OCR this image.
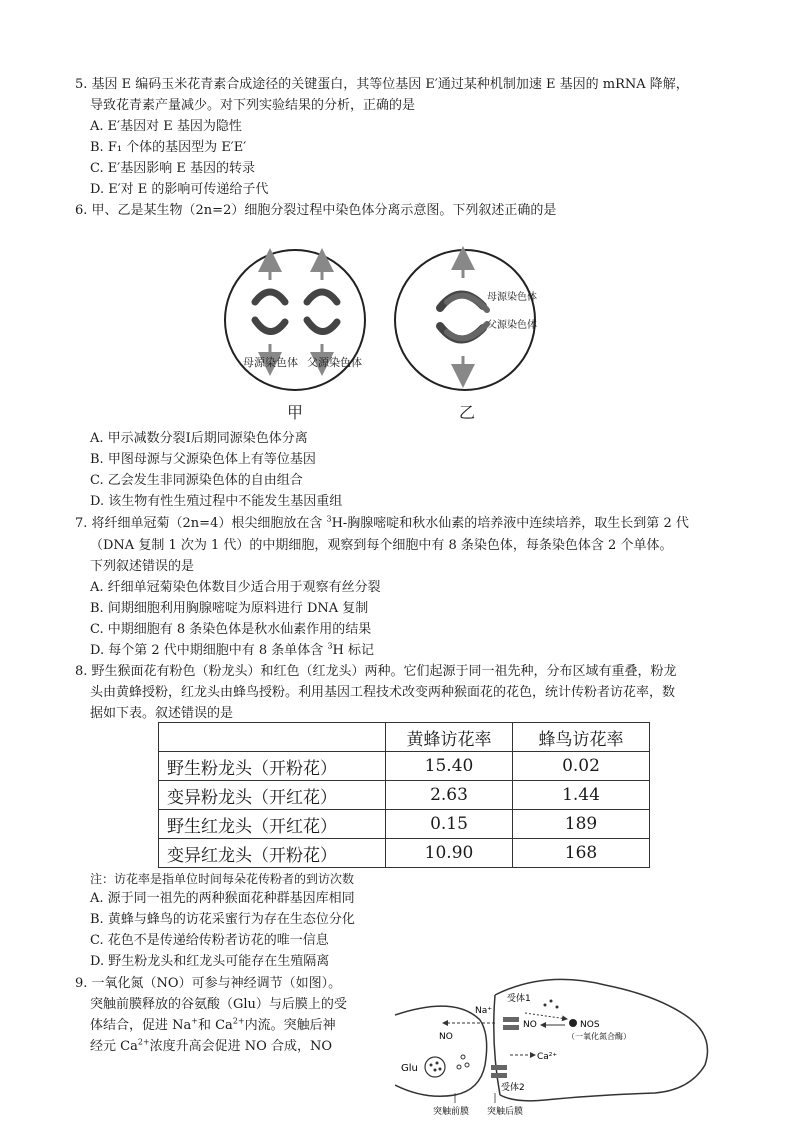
5. 基因 E 编码玉米花青素合成途径的关键蛋白，其等位基因 E′通过某种机制加速 E 基因的 mRNA 降解，
导致花青素产量减少。对下列实验结果的分析，正确的是
A. E′基因对 E 基因为隐性
B. F₁ 个体的基因型为 E′E′
C. E′基因影响 E 基因的转录
D. E′对 E 的影响可传递给子代
6. 甲、乙是某生物（2n=2）细胞分裂过程中染色体分离示意图。下列叙述正确的是
母源染色体 父源染色体
甲
母源染色体
父源染色体
乙
A. 甲示减数分裂Ⅰ后期同源染色体分离
B. 甲图母源与父源染色体上有等位基因
C. 乙会发生非同源染色体的自由组合
D. 该生物有性生殖过程中不能发生基因重组
7. 将纤细单冠菊（2n=4）根尖细胞放在含 $^3$H-胸腺嘧啶和秋水仙素的培养液中连续培养，取生长到第 2 代
（DNA 复制 1 次为 1 代）的中期细胞，观察到每个细胞中有 8 条染色体，每条染色体含 2 个单体。
下列叙述错误的是
A. 纤细单冠菊染色体数目少适合用于观察有丝分裂
B. 间期细胞利用胸腺嘧啶为原料进行 DNA 复制
C. 中期细胞有 8 条染色体是秋水仙素作用的结果
D. 每个第 2 代中期细胞中有 8 条单体含 $^3$H 标记
8. 野生猴面花有粉色（粉龙头）和红色（红龙头）两种。它们起源于同一祖先种，分布区域有重叠，粉龙
头由黄蜂授粉，红龙头由蜂鸟授粉。利用基因工程技术改变两种猴面花的花色，统计传粉者访花率，数
据如下表。叙述错误的是
	黄蜂访花率	蜂鸟访花率
野生粉龙头（开粉花）	15.40	0.02
变异粉龙头（开红花）	2.63	1.44
野生红龙头（开红花）	0.15	189
变异红龙头（开粉花）	10.90	168
注：访花率是指单位时间每朵花传粉者的到访次数
A. 源于同一祖先的两种猴面花种群基因库相同
B. 黄蜂与蜂鸟的访花采蜜行为存在生态位分化
C. 花色不是传递给传粉者访花的唯一信息
D. 野生粉龙头和红龙头可能存在生殖隔离
9. 一氧化氮（NO）可参与神经调节（如图）。
突触前膜释放的谷氨酸（Glu）与后膜上的受
体结合，促进 Na+和 $Ca^{2+}$内流。突触后神
经元 $Ca^{2+}$浓度升高会促进 NO 合成，NO
Glu
NO
受体1
受体2
Na⁺
NO	NOS
（一氧化氮合酶）
Ca²⁺
突触前膜 突触后膜
